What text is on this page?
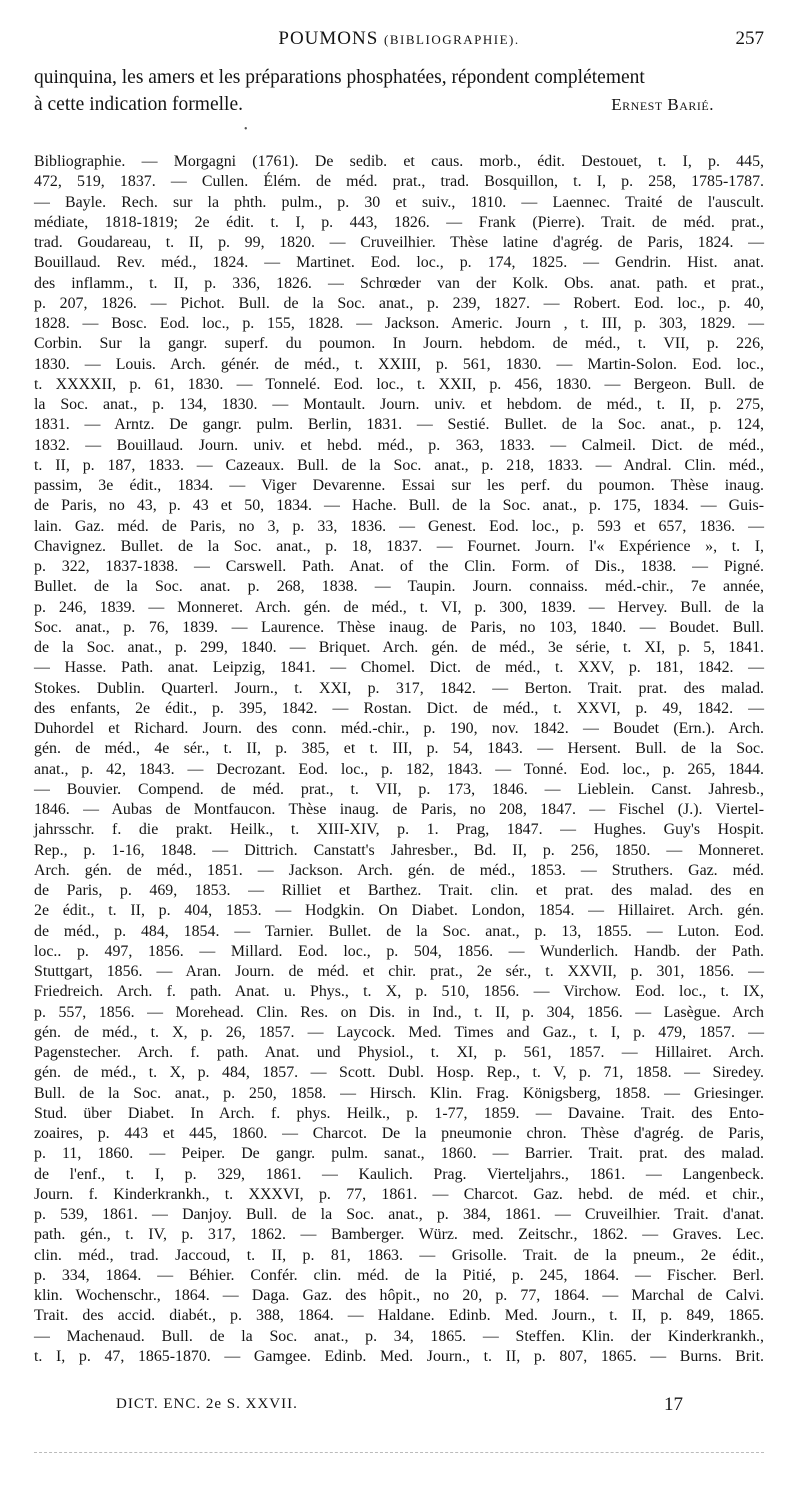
POUMONS (BIBLIOGRAPHIE).	257
quinquina, les amers et les préparations phosphatées, répondent complétement
à cette indication formelle.	Ernest Barié.
•
Bibliographie. — Morgagni (1761). De sedib. et caus. morb., édit. Destouet, t. I, p. 445,
472, 519, 1837. — Cullen. Élém. de méd. prat., trad. Bosquillon, t. I, p. 258, 1785-1787.
— Bayle. Rech. sur la phth. pulm., p. 30 et suiv., 1810. — Laennec. Traité de l'auscult.
médiate, 1818-1819; 2e édit. t. I, p. 443, 1826. — Frank (Pierre). Trait. de méd. prat.,
trad. Goudareau, t. II, p. 99, 1820. — Cruveilhier. Thèse latine d'agrég. de Paris, 1824. —
Bouillaud. Rev. méd., 1824. — Martinet. Eod. loc., p. 174, 1825. — Gendrin. Hist. anat.
des inflamm., t. II, p. 336, 1826. — Schrœder van der Kolk. Obs. anat. path. et prat.,
p. 207, 1826. — Pichot. Bull. de la Soc. anat., p. 239, 1827. — Robert. Eod. loc., p. 40,
1828. — Bosc. Eod. loc., p. 155, 1828. — Jackson. Americ. Journ , t. III, p. 303, 1829. —
Corbin. Sur la gangr. superf. du poumon. In Journ. hebdom. de méd., t. VII, p. 226,
1830. — Louis. Arch. génér. de méd., t. XXIII, p. 561, 1830. — Martin-Solon. Eod. loc.,
t. XXXXII, p. 61, 1830. — Tonnelé. Eod. loc., t. XXII, p. 456, 1830. — Bergeon. Bull. de
la Soc. anat., p. 134, 1830. — Montault. Journ. univ. et hebdom. de méd., t. II, p. 275,
1831. — Arntz. De gangr. pulm. Berlin, 1831. — Sestié. Bullet. de la Soc. anat., p. 124,
1832. — Bouillaud. Journ. univ. et hebd. méd., p. 363, 1833. — Calmeil. Dict. de méd.,
t. II, p. 187, 1833. — Cazeaux. Bull. de la Soc. anat., p. 218, 1833. — Andral. Clin. méd.,
passim, 3e édit., 1834. — Viger Devarenne. Essai sur les perf. du poumon. Thèse inaug.
de Paris, no 43, p. 43 et 50, 1834. — Hache. Bull. de la Soc. anat., p. 175, 1834. — Guis-
lain. Gaz. méd. de Paris, no 3, p. 33, 1836. — Genest. Eod. loc., p. 593 et 657, 1836. —
Chavignez. Bullet. de la Soc. anat., p. 18, 1837. — Fournet. Journ. l'« Expérience », t. I,
p. 322, 1837-1838. — Carswell. Path. Anat. of the Clin. Form. of Dis., 1838. — Pigné.
Bullet. de la Soc. anat. p. 268, 1838. — Taupin. Journ. connaiss. méd.-chir., 7e année,
p. 246, 1839. — Monneret. Arch. gén. de méd., t. VI, p. 300, 1839. — Hervey. Bull. de la
Soc. anat., p. 76, 1839. — Laurence. Thèse inaug. de Paris, no 103, 1840. — Boudet. Bull.
de la Soc. anat., p. 299, 1840. — Briquet. Arch. gén. de méd., 3e série, t. XI, p. 5, 1841.
— Hasse. Path. anat. Leipzig, 1841. — Chomel. Dict. de méd., t. XXV, p. 181, 1842. —
Stokes. Dublin. Quarterl. Journ., t. XXI, p. 317, 1842. — Berton. Trait. prat. des malad.
des enfants, 2e édit., p. 395, 1842. — Rostan. Dict. de méd., t. XXVI, p. 49, 1842. —
Duhordel et Richard. Journ. des conn. méd.-chir., p. 190, nov. 1842. — Boudet (Ern.). Arch.
gén. de méd., 4e sér., t. II, p. 385, et t. III, p. 54, 1843. — Hersent. Bull. de la Soc.
anat., p. 42, 1843. — Decrozant. Eod. loc., p. 182, 1843. — Tonné. Eod. loc., p. 265, 1844.
— Bouvier. Compend. de méd. prat., t. VII, p. 173, 1846. — Lieblein. Canst. Jahresb.,
1846. — Aubas de Montfaucon. Thèse inaug. de Paris, no 208, 1847. — Fischel (J.). Viertel-
jahrsschr. f. die prakt. Heilk., t. XIII-XIV, p. 1. Prag, 1847. — Hughes. Guy's Hospit.
Rep., p. 1-16, 1848. — Dittrich. Canstatt's Jahresber., Bd. II, p. 256, 1850. — Monneret.
Arch. gén. de méd., 1851. — Jackson. Arch. gén. de méd., 1853. — Struthers. Gaz. méd.
de Paris, p. 469, 1853. — Rilliet et Barthez. Trait. clin. et prat. des malad. des en
2e édit., t. II, p. 404, 1853. — Hodgkin. On Diabet. London, 1854. — Hillairet. Arch. gén.
de méd., p. 484, 1854. — Tarnier. Bullet. de la Soc. anat., p. 13, 1855. — Luton. Eod.
loc.. p. 497, 1856. — Millard. Eod. loc., p. 504, 1856. — Wunderlich. Handb. der Path.
Stuttgart, 1856. — Aran. Journ. de méd. et chir. prat., 2e sér., t. XXVII, p. 301, 1856. —
Friedreich. Arch. f. path. Anat. u. Phys., t. X, p. 510, 1856. — Virchow. Eod. loc., t. IX,
p. 557, 1856. — Morehead. Clin. Res. on Dis. in Ind., t. II, p. 304, 1856. — Lasègue. Arch
gén. de méd., t. X, p. 26, 1857. — Laycock. Med. Times and Gaz., t. I, p. 479, 1857. —
Pagenstecher. Arch. f. path. Anat. und Physiol., t. XI, p. 561, 1857. — Hillairet. Arch.
gén. de méd., t. X, p. 484, 1857. — Scott. Dubl. Hosp. Rep., t. V, p. 71, 1858. — Siredey.
Bull. de la Soc. anat., p. 250, 1858. — Hirsch. Klin. Frag. Königsberg, 1858. — Griesinger.
Stud. über Diabet. In Arch. f. phys. Heilk., p. 1-77, 1859. — Davaine. Trait. des Ento-
zoaires, p. 443 et 445, 1860. — Charcot. De la pneumonie chron. Thèse d'agrég. de Paris,
p. 11, 1860. — Peiper. De gangr. pulm. sanat., 1860. — Barrier. Trait. prat. des malad.
de l'enf., t. I, p. 329, 1861. — Kaulich. Prag. Vierteljahrs., 1861. — Langenbeck.
Journ. f. Kinderkrankh., t. XXXVI, p. 77, 1861. — Charcot. Gaz. hebd. de méd. et chir.,
p. 539, 1861. — Danjoy. Bull. de la Soc. anat., p. 384, 1861. — Cruveilhier. Trait. d'anat.
path. gén., t. IV, p. 317, 1862. — Bamberger. Würz. med. Zeitschr., 1862. — Graves. Lec.
clin. méd., trad. Jaccoud, t. II, p. 81, 1863. — Grisolle. Trait. de la pneum., 2e édit.,
p. 334, 1864. — Béhier. Confér. clin. méd. de la Pitié, p. 245, 1864. — Fischer. Berl.
klin. Wochenschr., 1864. — Daga. Gaz. des hôpit., no 20, p. 77, 1864. — Marchal de Calvi.
Trait. des accid. diabét., p. 388, 1864. — Haldane. Edinb. Med. Journ., t. II, p. 849, 1865.
— Machenaud. Bull. de la Soc. anat., p. 34, 1865. — Steffen. Klin. der Kinderkrankh.,
t. I, p. 47, 1865-1870. — Gamgee. Edinb. Med. Journ., t. II, p. 807, 1865. — Burns. Brit.
DICT. ENC. 2e S. XXVII.	17
